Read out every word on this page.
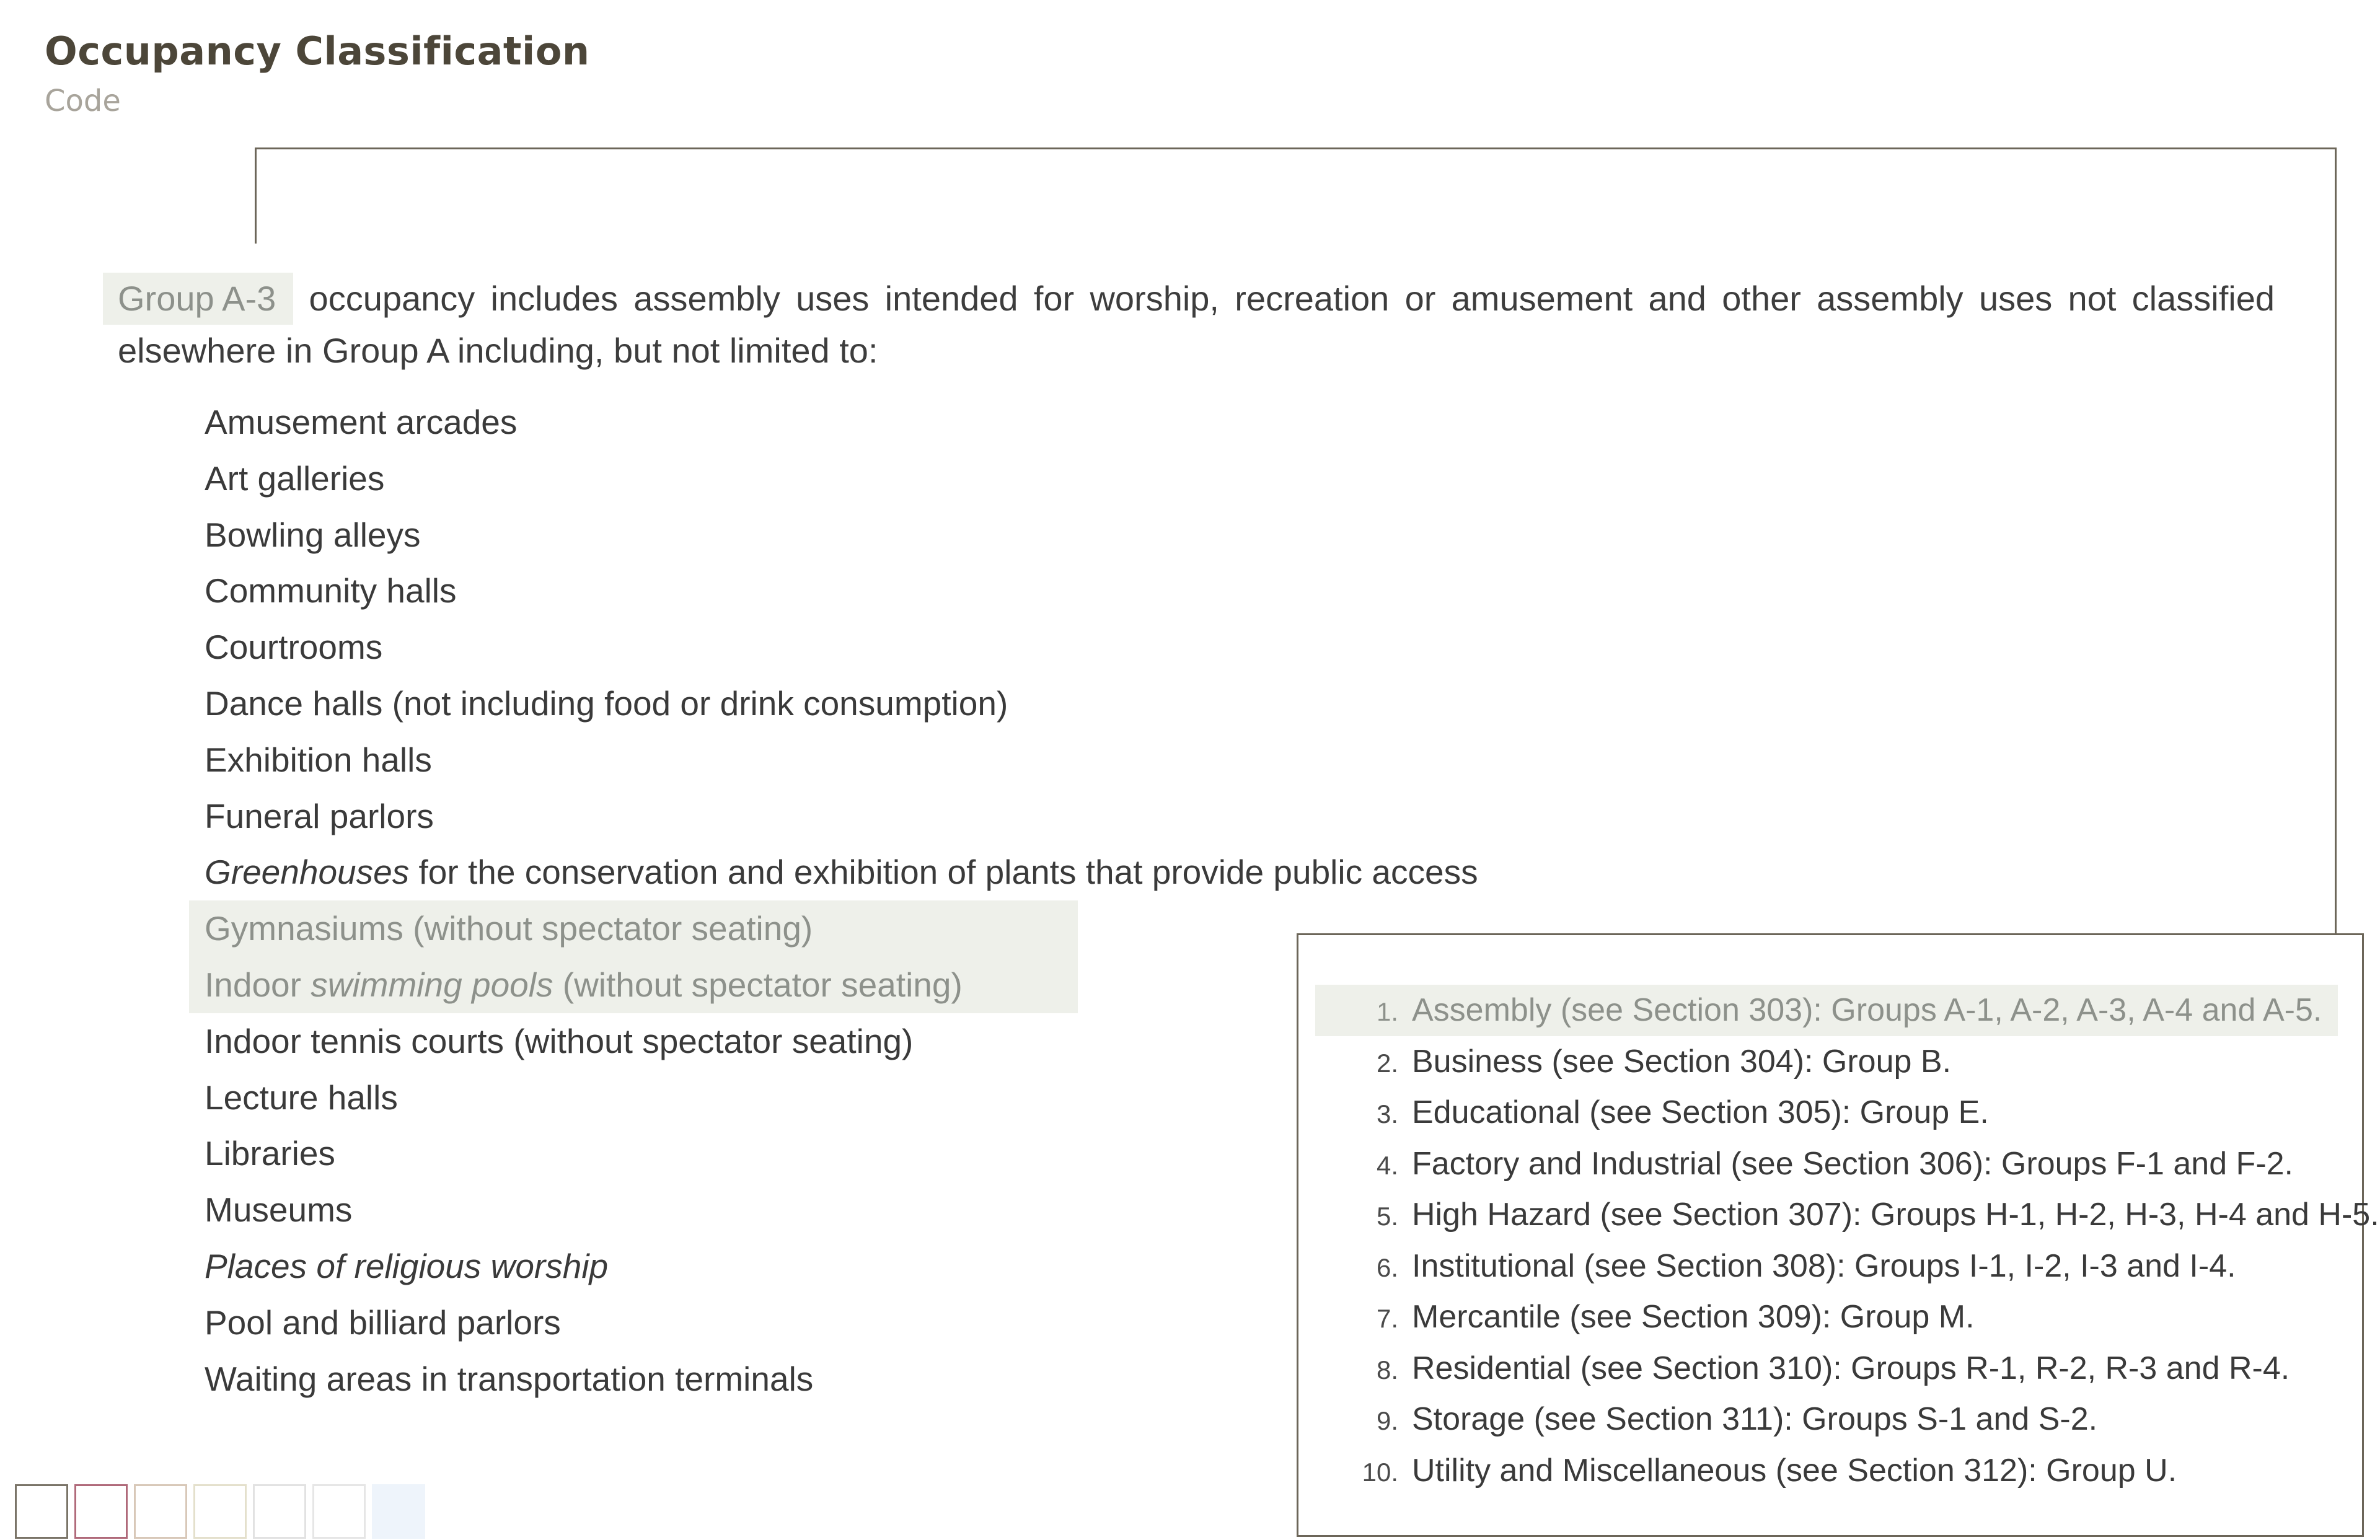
Occupancy Classification
Code
Group A-3 occupancy includes assembly uses intended for worship, recreation or amusement and other assembly uses not classified elsewhere in Group A including, but not limited to:
Amusement arcades
Art galleries
Bowling alleys
Community halls
Courtrooms
Dance halls (not including food or drink consumption)
Exhibition halls
Funeral parlors
Greenhouses for the conservation and exhibition of plants that provide public access
Gymnasiums (without spectator seating)
Indoor swimming pools (without spectator seating)
Indoor tennis courts (without spectator seating)
Lecture halls
Libraries
Museums
Places of religious worship
Pool and billiard parlors
Waiting areas in transportation terminals
1. Assembly (see Section 303): Groups A-1, A-2, A-3, A-4 and A-5.
2. Business (see Section 304): Group B.
3. Educational (see Section 305): Group E.
4. Factory and Industrial (see Section 306): Groups F-1 and F-2.
5. High Hazard (see Section 307): Groups H-1, H-2, H-3, H-4 and H-5.
6. Institutional (see Section 308): Groups I-1, I-2, I-3 and I-4.
7. Mercantile (see Section 309): Group M.
8. Residential (see Section 310): Groups R-1, R-2, R-3 and R-4.
9. Storage (see Section 311): Groups S-1 and S-2.
10. Utility and Miscellaneous (see Section 312): Group U.
